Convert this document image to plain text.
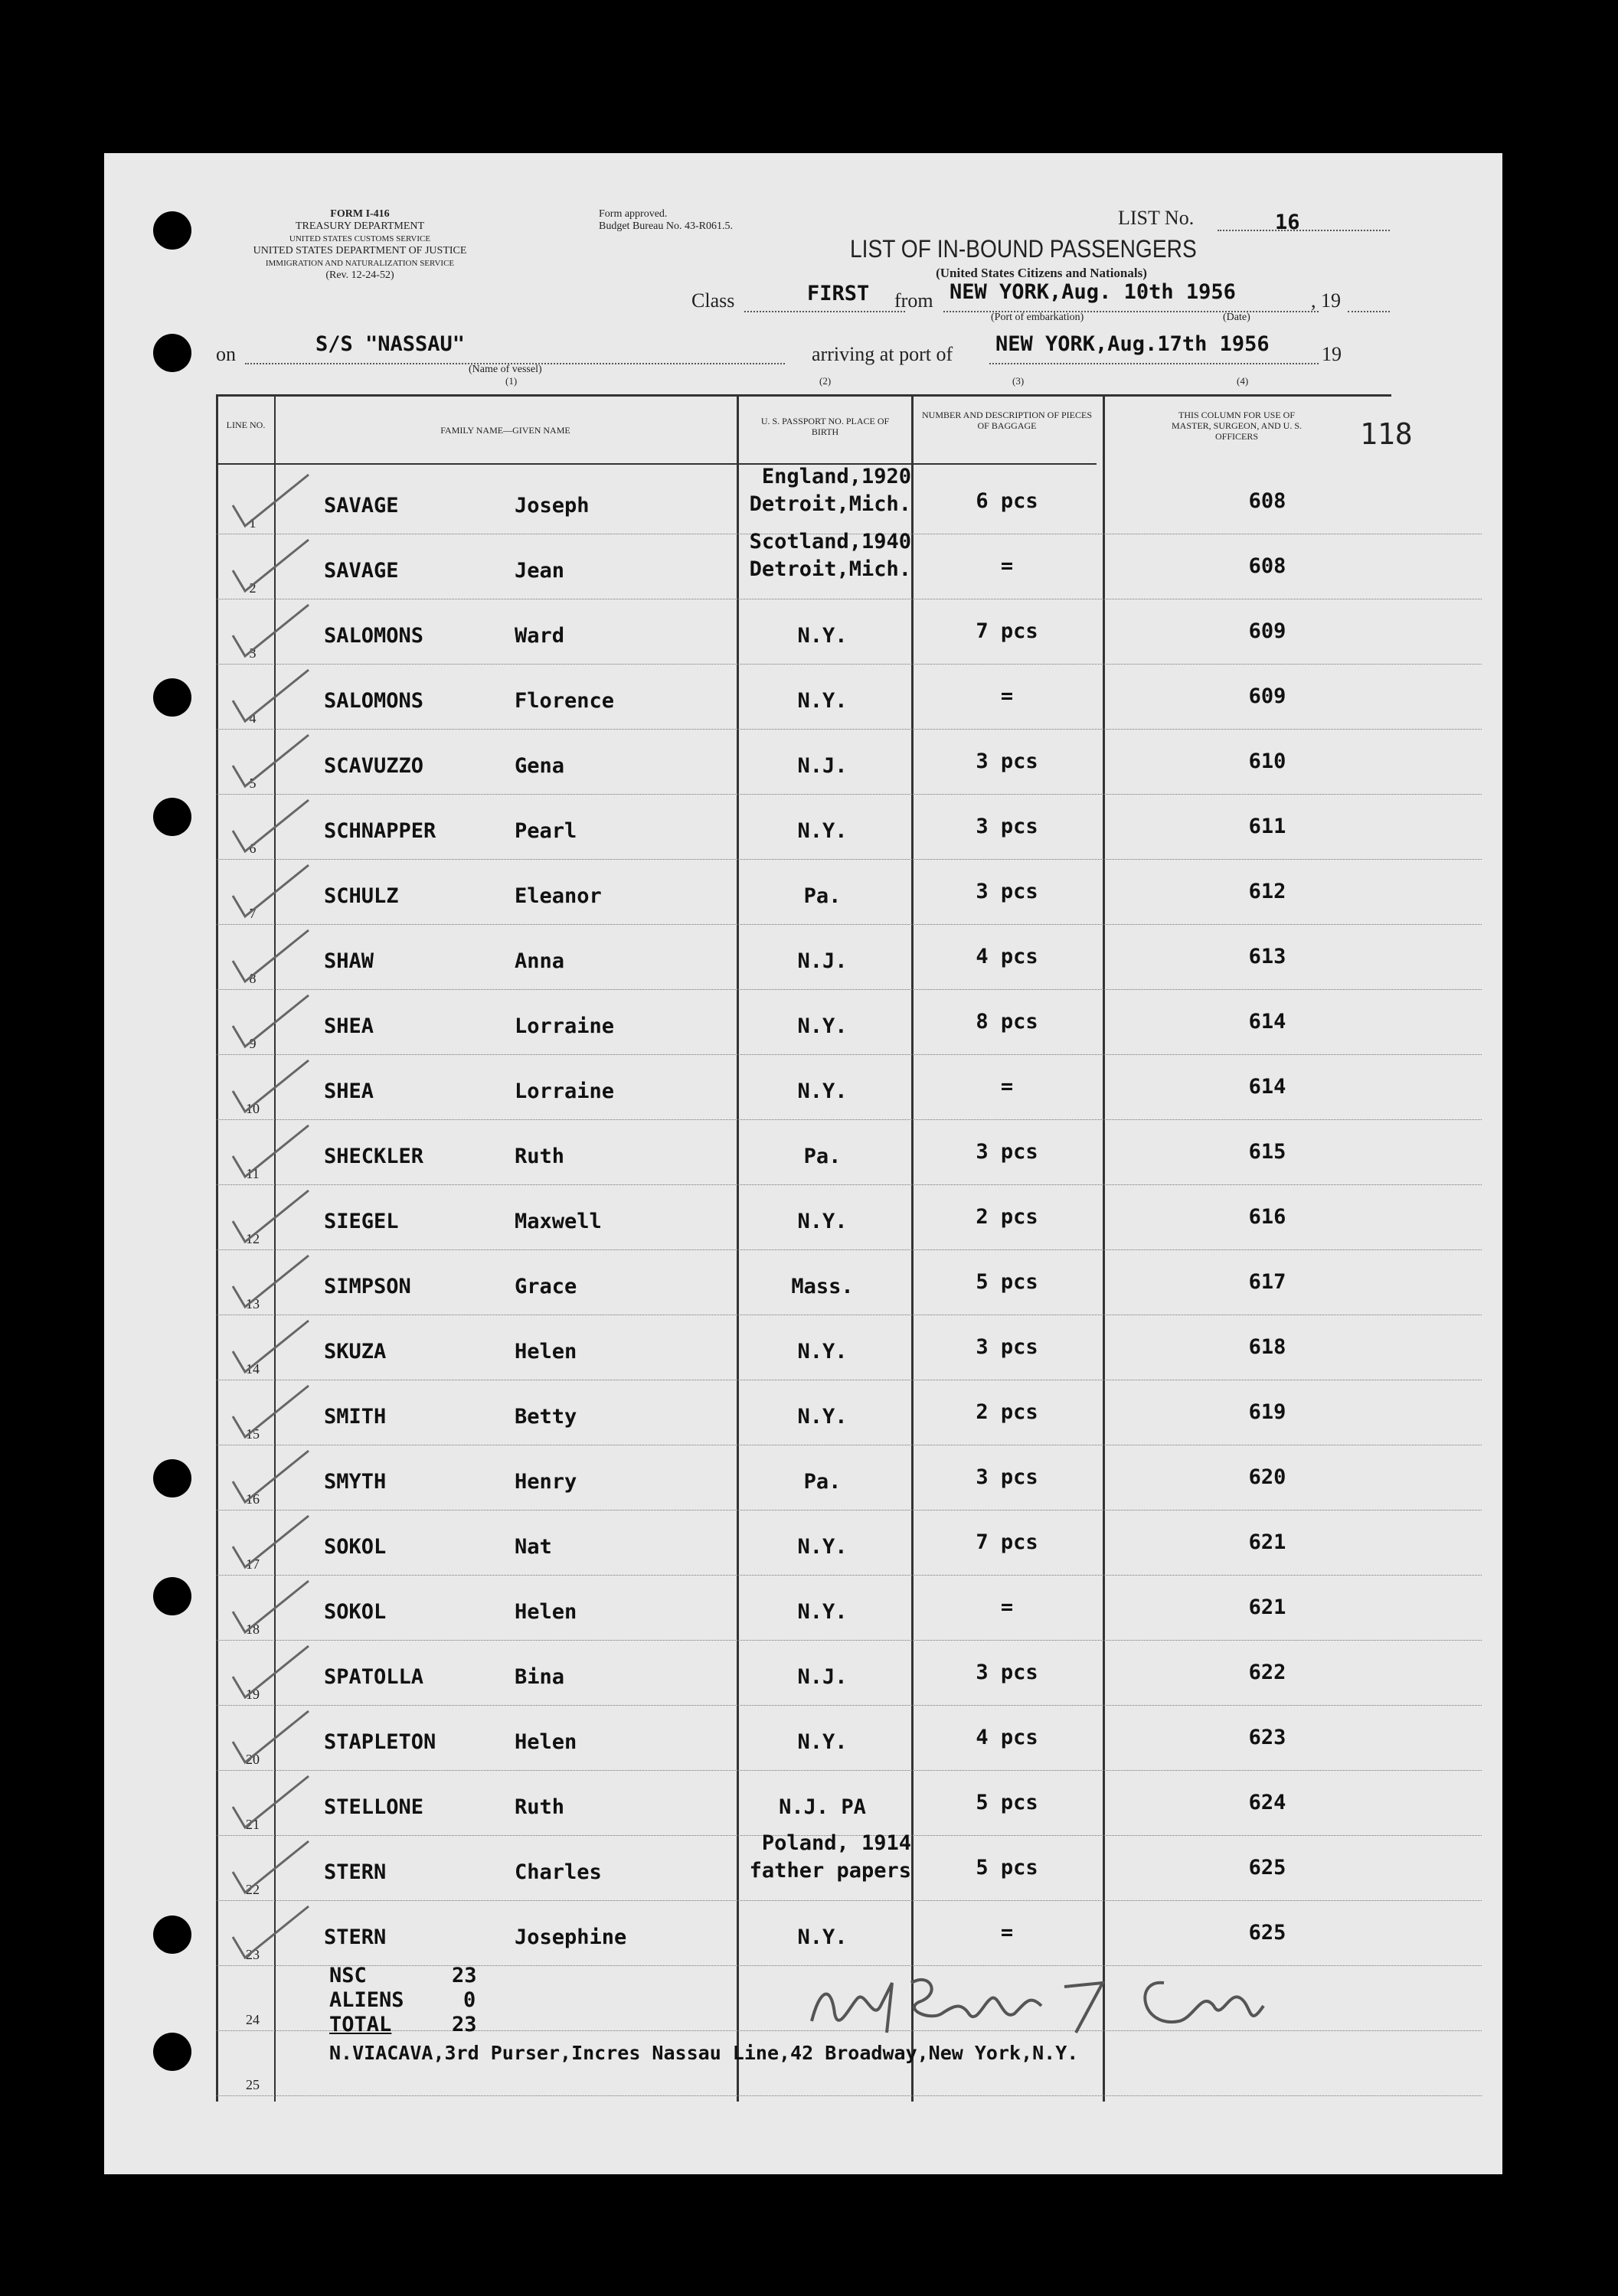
FORM I-416
TREASURY DEPARTMENT
UNITED STATES CUSTOMS SERVICE
UNITED STATES DEPARTMENT OF JUSTICE
IMMIGRATION AND NATURALIZATION SERVICE
(Rev. 12-24-52)
Form approved.
Budget Bureau No. 43-R061.5.	LIST No.	16
LIST OF IN-BOUND PASSENGERS
(United States Citizens and Nationals)
Class	FIRST from NEW YORK,Aug. 10th 1956	, 19
(Port of embarkation)	(Date)
on	S/S "NASSAU"
(Name of vessel)
(1)
arriving at port of NEW YORK,Aug.17th 1956	19
(2)	(3)	(4)
118
LINE NO.	FAMILY NAME—GIVEN NAME
U. S. PASSPORT NO. PLACE OF BIRTH
NUMBER AND DESCRIPTION OF PIECES OF BAGGAGE
THIS COLUMN FOR USE OF MASTER, SURGEON, AND U. S. OFFICERS
1
SAVAGE	Joseph
England,1920
Detroit,Mich.	6 pcs	608
2
SAVAGE	Jean
Scotland,1940
Detroit,Mich.	=	608
3
SALOMONS	Ward	N.Y.	7 pcs	609
4
SALOMONS	Florence	N.Y.	=	609
5
SCAVUZZO	Gena	N.J.	3 pcs	610
6
SCHNAPPER	Pearl	N.Y.	3 pcs	611
7
SCHULZ	Eleanor	Pa.	3 pcs	612
8
SHAW	Anna	N.J.	4 pcs	613
9
SHEA	Lorraine	N.Y.	8 pcs	614
10
SHEA	Lorraine	N.Y.	=	614
11
SHECKLER	Ruth	Pa.	3 pcs	615
12
SIEGEL	Maxwell	N.Y.	2 pcs	616
13
SIMPSON	Grace	Mass.	5 pcs	617
14
SKUZA	Helen	N.Y.	3 pcs	618
15
SMITH	Betty	N.Y.	2 pcs	619
16
SMYTH	Henry	Pa.	3 pcs	620
17
SOKOL	Nat	N.Y.	7 pcs	621
18
SOKOL	Helen	N.Y.	=	621
19
SPATOLLA	Bina	N.J.	3 pcs	622
20
STAPLETON	Helen	N.Y.	4 pcs	623
21
STELLONE	Ruth	N.J. PA	5 pcs	624
22
STERN	Charles
Poland, 1914
father papers	5 pcs	625
23
STERN	Josephine	N.Y.	=	625
24
25
NSC	23
ALIENS	0
TOTAL	23
N.VIACAVA,3rd Purser,Incres Nassau Line,42 Broadway,New York,N.Y.
